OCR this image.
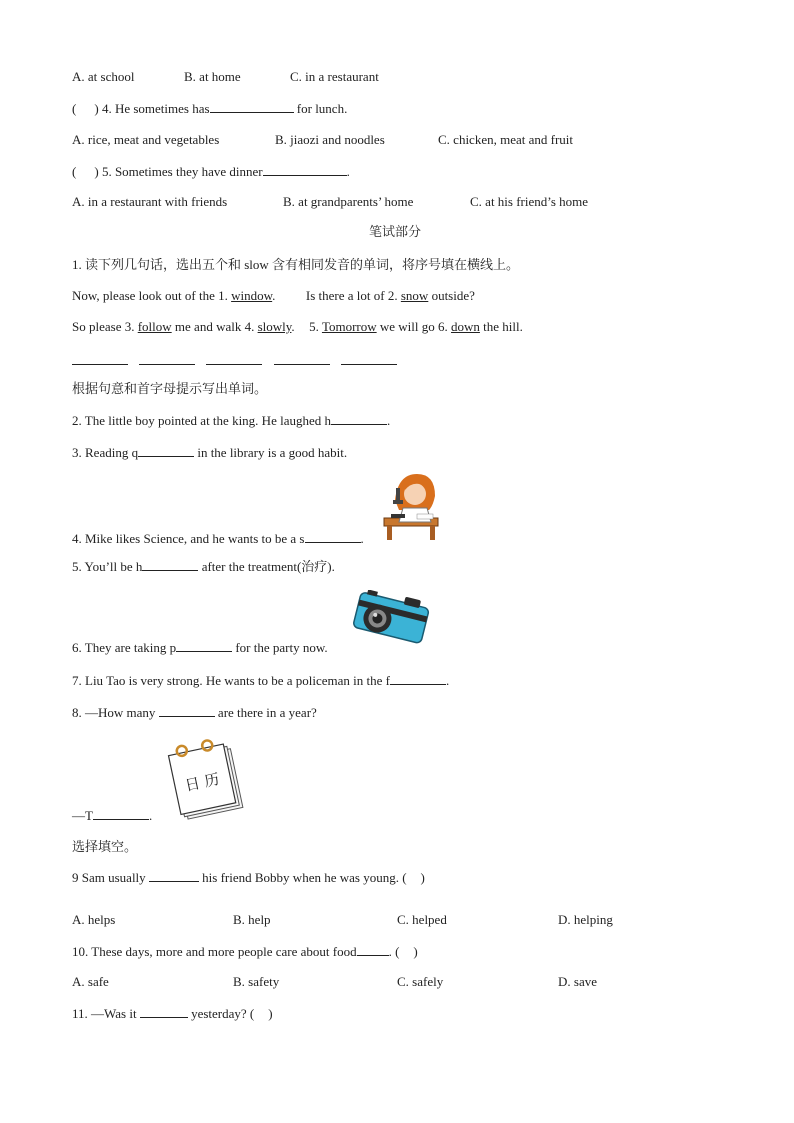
A. at school	B. at home	C. in a restaurant
( ) 4. He sometimes has	for lunch.
A. rice, meat and vegetables	B. jiaozi and noodles	C. chicken, meat and fruit
( ) 5. Sometimes they have dinner	.
A. in a restaurant with friends	B. at grandparents’ home	C. at his friend’s home
笔试部分
1. 读下列几句话，选出五个和 slow 含有相同发音的单词，将序号填在横线上。
Now, please look out of the 1. window. Is there a lot of 2. snow outside?
So please 3. follow me and walk 4. slowly. 5. Tomorrow we will go 6. down the hill.
根据句意和首字母提示写出单词。
2. The little boy pointed at the king. He laughed h	.
3. Reading q	in the library is a good habit.
4. Mike likes Science, and he wants to be a s	.
5. You’ll be h	after the treatment(治疗).
6. They are taking p	for the party now.
7. Liu Tao is very strong. He wants to be a policeman in the f	.
8. —How many	are there in a year?
日 历
—T	.
选择填空。
9 Sam usually	his friend Bobby when he was young. ( )
A. helps	B. help	C. helped	D. helping
10. These days, more and more people care about food . ( )
A. safe	B. safety	C. safely	D. save
11. —Was it	yesterday? ( )
